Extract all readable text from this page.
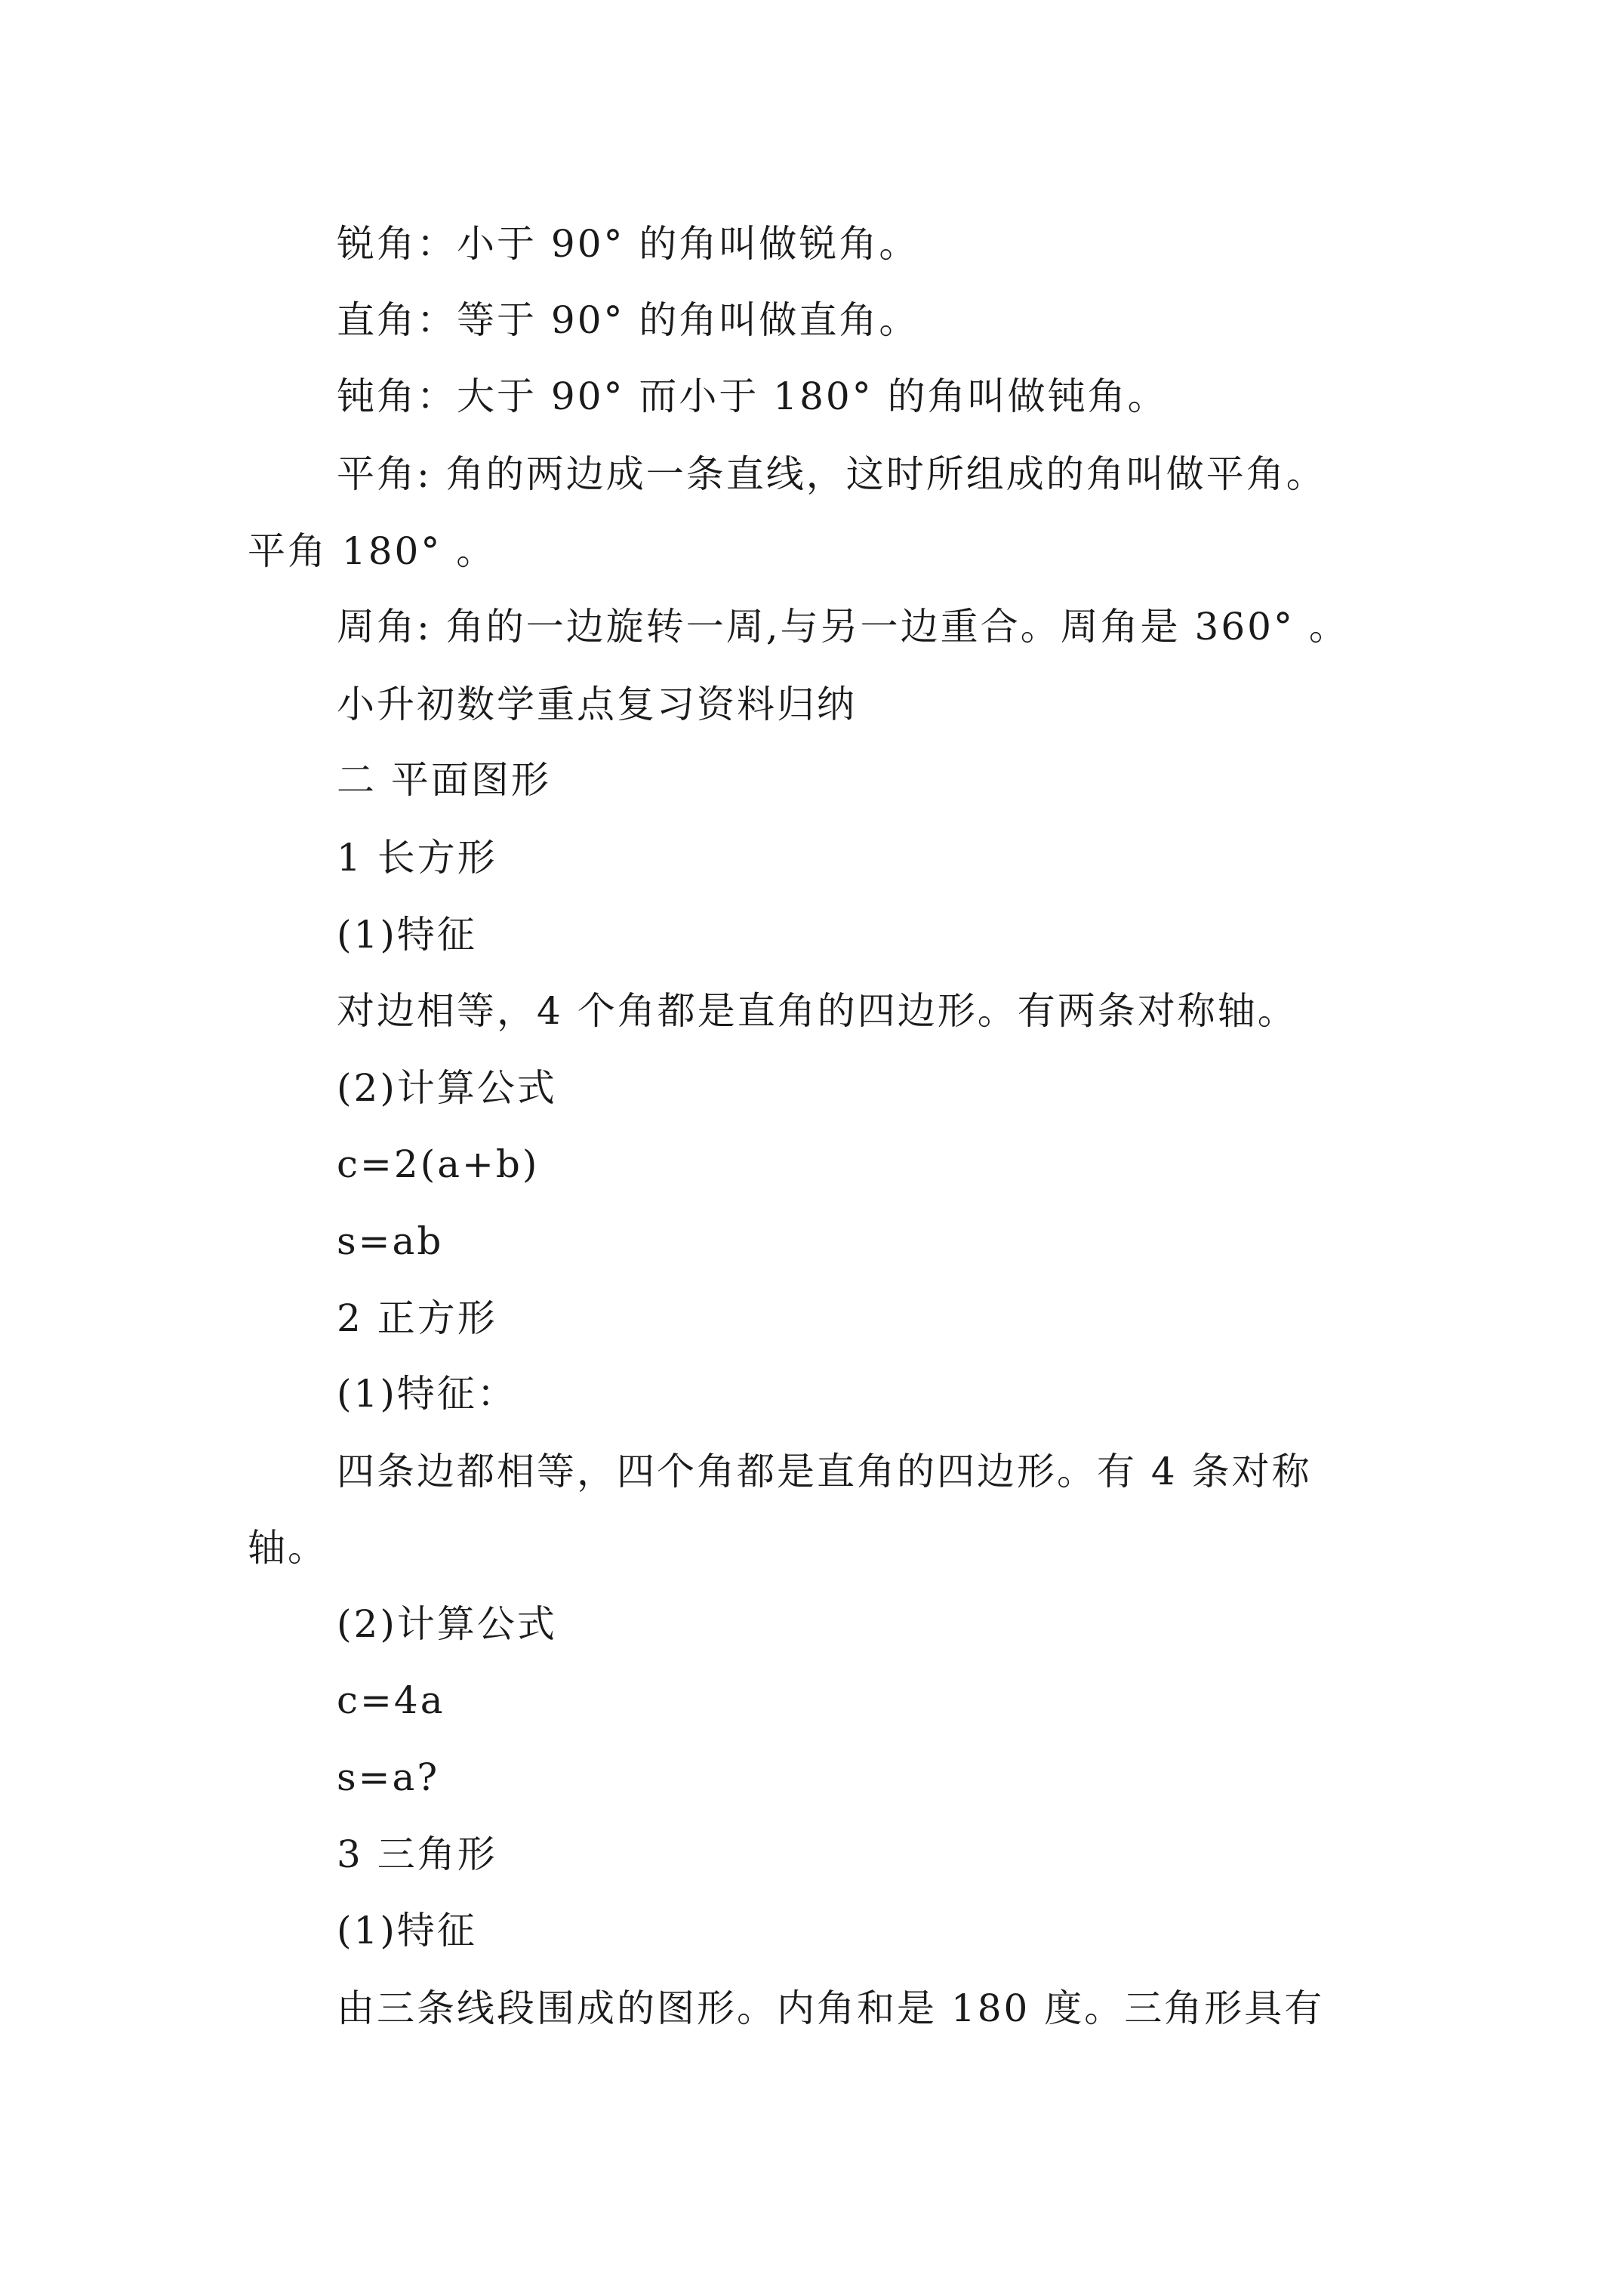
锐角：小于 90° 的角叫做锐角。
直角：等于 90° 的角叫做直角。
钝角：大于 90° 而小于 180° 的角叫做钝角。
平角: 角的两边成一条直线，这时所组成的角叫做平角。
平角 180° 。
周角: 角的一边旋转一周,与另一边重合。周角是 360° 。
小升初数学重点复习资料归纳
二 平面图形
1 长方形
(1)特征
对边相等，4 个角都是直角的四边形。有两条对称轴。
(2)计算公式
c=2(a+b)
s=ab
2 正方形
(1)特征：
四条边都相等，四个角都是直角的四边形。有 4 条对称
轴。
(2)计算公式
c=4a
s=a?
3 三角形
(1)特征
由三条线段围成的图形。内角和是 180 度。三角形具有
